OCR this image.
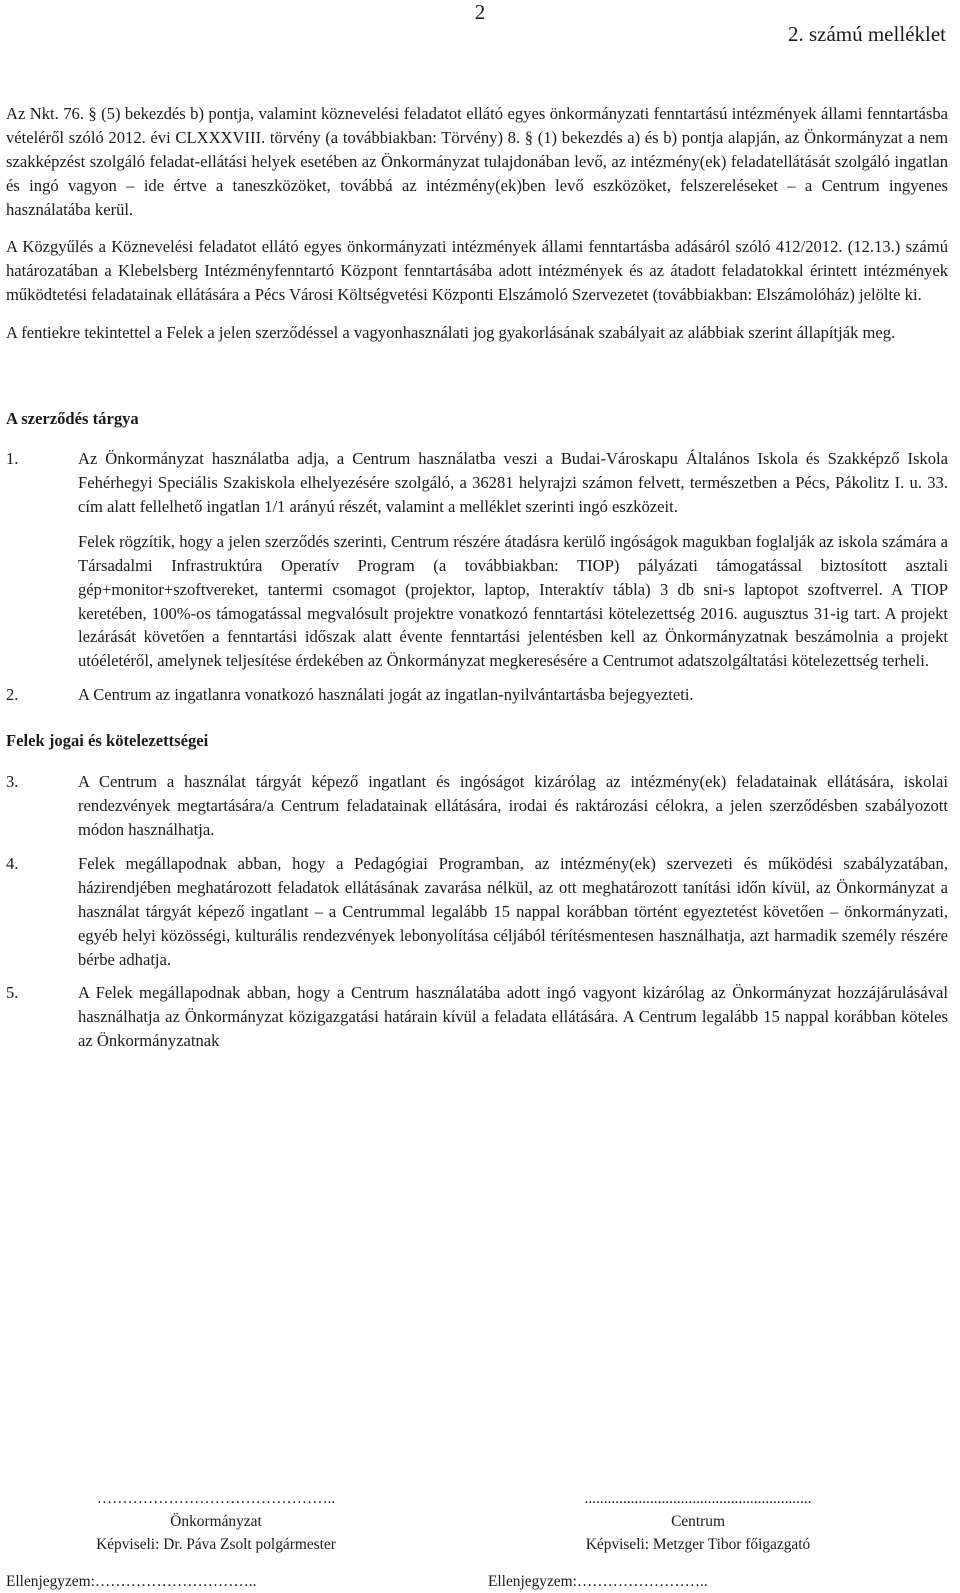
2
2. számú melléklet

Az Nkt. 76. § (5) bekezdés b) pontja, valamint köznevelési feladatot ellátó egyes önkormányzati fenntartású intézmények állami fenntartásba vételéről szóló 2012. évi CLXXXVIII. törvény (a továbbiakban: Törvény) 8. § (1) bekezdés a) és b) pontja alapján, az Önkormányzat a nem szakképzést szolgáló feladat-ellátási helyek esetében az Önkormányzat tulajdonában levő, az intézmény(ek) feladatellátását szolgáló ingatlan és ingó vagyon – ide értve a taneszközöket, továbbá az intézmény(ek)ben levő eszközöket, felszereléseket – a Centrum ingyenes használatába kerül.

A Közgyűlés a Köznevelési feladatot ellátó egyes önkormányzati intézmények állami fenntartásba adásáról szóló 412/2012. (12.13.) számú határozatában a Klebelsberg Intézményfenntartó Központ fenntartásába adott intézmények és az átadott feladatokkal érintett intézmények működtetési feladatainak ellátására a Pécs Városi Költségvetési Központi Elszámoló Szervezetet (továbbiakban: Elszámolóház) jelölte ki.

A fentiekre tekintettel a Felek a jelen szerződéssel a vagyonhasználati jog gyakorlásának szabályait az alábbiak szerint állapítják meg.

A szerződés tárgya

1.	Az Önkormányzat használatba adja, a Centrum használatba veszi a Budai-Városkapu Általános Iskola és Szakképző Iskola Fehérhegyi Speciális Szakiskola elhelyezésére szolgáló, a 36281 helyrajzi számon felvett, természetben a Pécs, Pákolitz I. u. 33. cím alatt fellelhető ingatlan 1/1 arányú részét, valamint a melléklet szerinti ingó eszközeit.

Felek rögzítik, hogy a jelen szerződés szerinti, Centrum részére átadásra kerülő ingóságok magukban foglalják az iskola számára a Társadalmi Infrastruktúra Operatív Program (a továbbiakban: TIOP) pályázati támogatással biztosított asztali gép+monitor+szoftvereket, tantermi csomagot (projektor, laptop, Interaktív tábla) 3 db sni-s laptopot szoftverrel. A TIOP keretében, 100%-os támogatással megvalósult projektre vonatkozó fenntartási kötelezettség 2016. augusztus 31-ig tart. A projekt lezárását követően a fenntartási időszak alatt évente fenntartási jelentésben kell az Önkormányzatnak beszámolnia a projekt utóéletéről, amelynek teljesítése érdekében az Önkormányzat megkeresésére a Centrumot adatszolgáltatási kötelezettség terheli.

2.	A Centrum az ingatlanra vonatkozó használati jogát az ingatlan-nyilvántartásba bejegyezteti.

Felek jogai és kötelezettségei

3.	A Centrum a használat tárgyát képező ingatlant és ingóságot kizárólag az intézmény(ek) feladatainak ellátására, iskolai rendezvények megtartására/a Centrum feladatainak ellátására, irodai és raktározási célokra, a jelen szerződésben szabályozott módon használhatja.

4.	Felek megállapodnak abban, hogy a Pedagógiai Programban, az intézmény(ek) szervezeti és működési szabályzatában, házirendjében meghatározott feladatok ellátásának zavarása nélkül, az ott meghatározott tanítási időn kívül, az Önkormányzat a használat tárgyát képező ingatlant – a Centrummal legalább 15 nappal korábban történt egyeztetést követően – önkormányzati, egyéb helyi közösségi, kulturális rendezvények lebonyolítása céljából térítésmentesen használhatja, azt harmadik személy részére bérbe adhatja.

5.	A Felek megállapodnak abban, hogy a Centrum használatába adott ingó vagyont kizárólag az Önkormányzat hozzájárulásával használhatja az Önkormányzat közigazgatási határain kívül a feladata ellátására. A Centrum legalább 15 nappal korábban köteles az Önkormányzatnak

………………………………………..
Önkormányzat
Képviseli: Dr. Páva Zsolt polgármester
Ellenjegyzem:…………………………..
...........................................................
Centrum
Képviseli: Metzger Tibor főigazgató
Ellenjegyzem:……………………..
